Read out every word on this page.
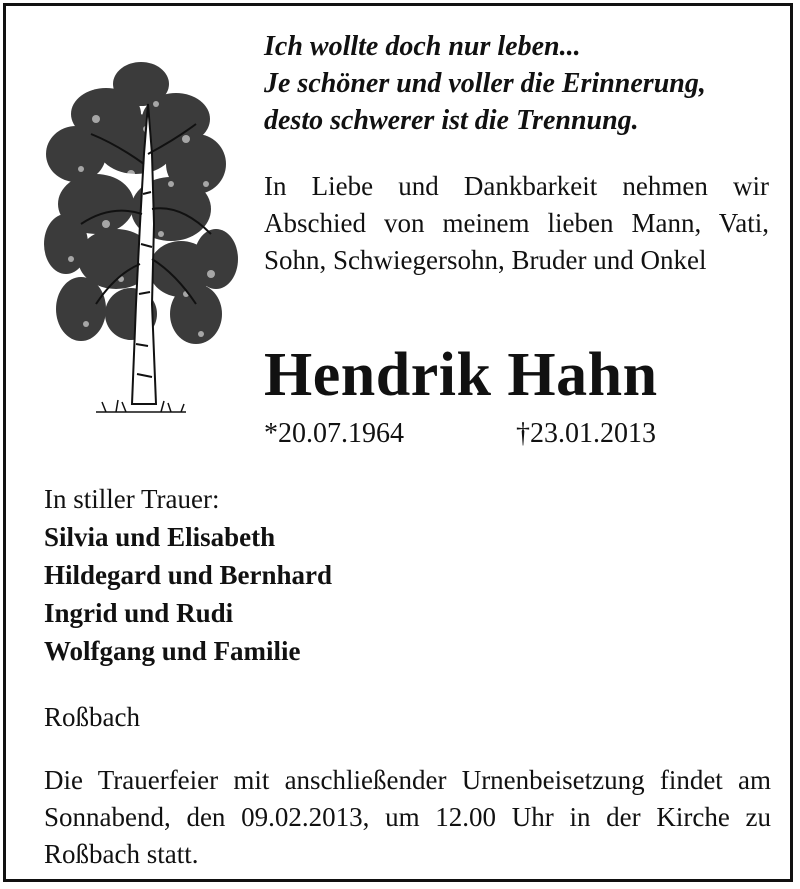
Ich wollte doch nur leben...
Je schöner und voller die Erinnerung,
desto schwerer ist die Trennung.
In Liebe und Dankbarkeit nehmen wir Abschied von meinem lieben Mann, Vati, Sohn, Schwiegersohn, Bruder und Onkel
Hendrik Hahn
*20.07.1964	†23.01.2013
In stiller Trauer:
Silvia und Elisabeth
Hildegard und Bernhard
Ingrid und Rudi
Wolfgang und Familie
Roßbach
Die Trauerfeier mit anschließender Urnenbeisetzung findet am Sonnabend, den 09.02.2013, um 12.00 Uhr in der Kirche zu Roßbach statt.
